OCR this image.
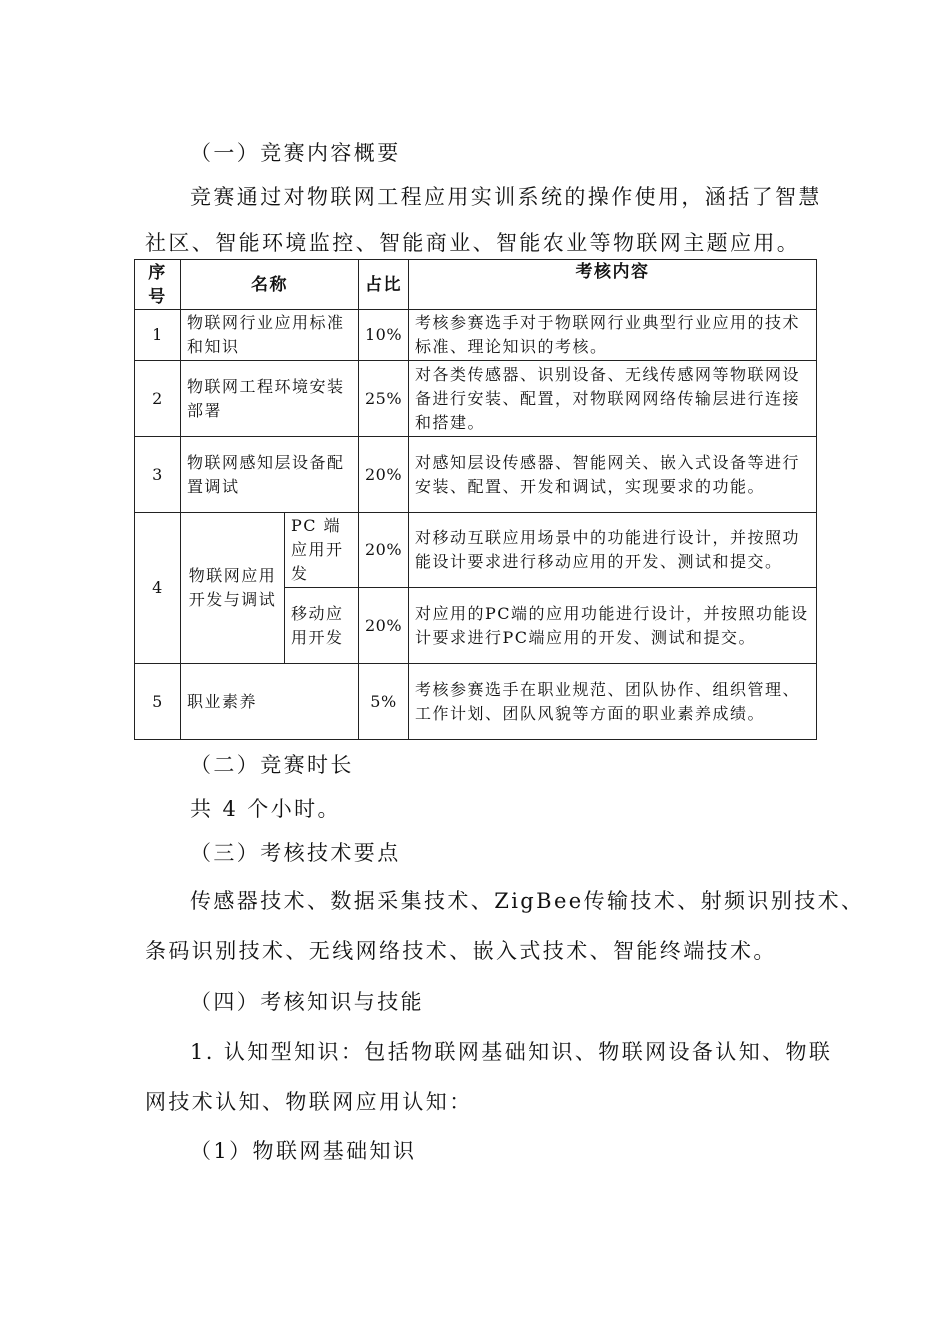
（一）竞赛内容概要

竞赛通过对物联网工程应用实训系统的操作使用，涵括了智慧

社区、智能环境监控、智能商业、智能农业等物联网主题应用。

序号	名称		占比	考核内容
1	物联网行业应用标准和知识		10%	考核参赛选手对于物联网行业典型行业应用的技术标准、理论知识的考核。
2	物联网工程环境安装部署		25%	对各类传感器、识别设备、无线传感网等物联网设备进行安装、配置，对物联网网络传输层进行连接和搭建。
3	物联网感知层设备配置调试		20%	对感知层设传感器、智能网关、嵌入式设备等进行安装、配置、开发和调试，实现要求的功能。
4	物联网应用开发与调试	PC 端应用开发	20%	对移动互联应用场景中的功能进行设计，并按照功能设计要求进行移动应用的开发、测试和提交。
		移动应用开发	20%	对应用的PC端的应用功能进行设计，并按照功能设计要求进行PC端应用的开发、测试和提交。
5	职业素养		5%	考核参赛选手在职业规范、团队协作、组织管理、工作计划、团队风貌等方面的职业素养成绩。

（二）竞赛时长

共 4 个小时。

（三）考核技术要点

传感器技术、数据采集技术、ZigBee传输技术、射频识别技术、

条码识别技术、无线网络技术、嵌入式技术、智能终端技术。

（四）考核知识与技能

1. 认知型知识：包括物联网基础知识、物联网设备认知、物联

网技术认知、物联网应用认知：

（1）物联网基础知识
